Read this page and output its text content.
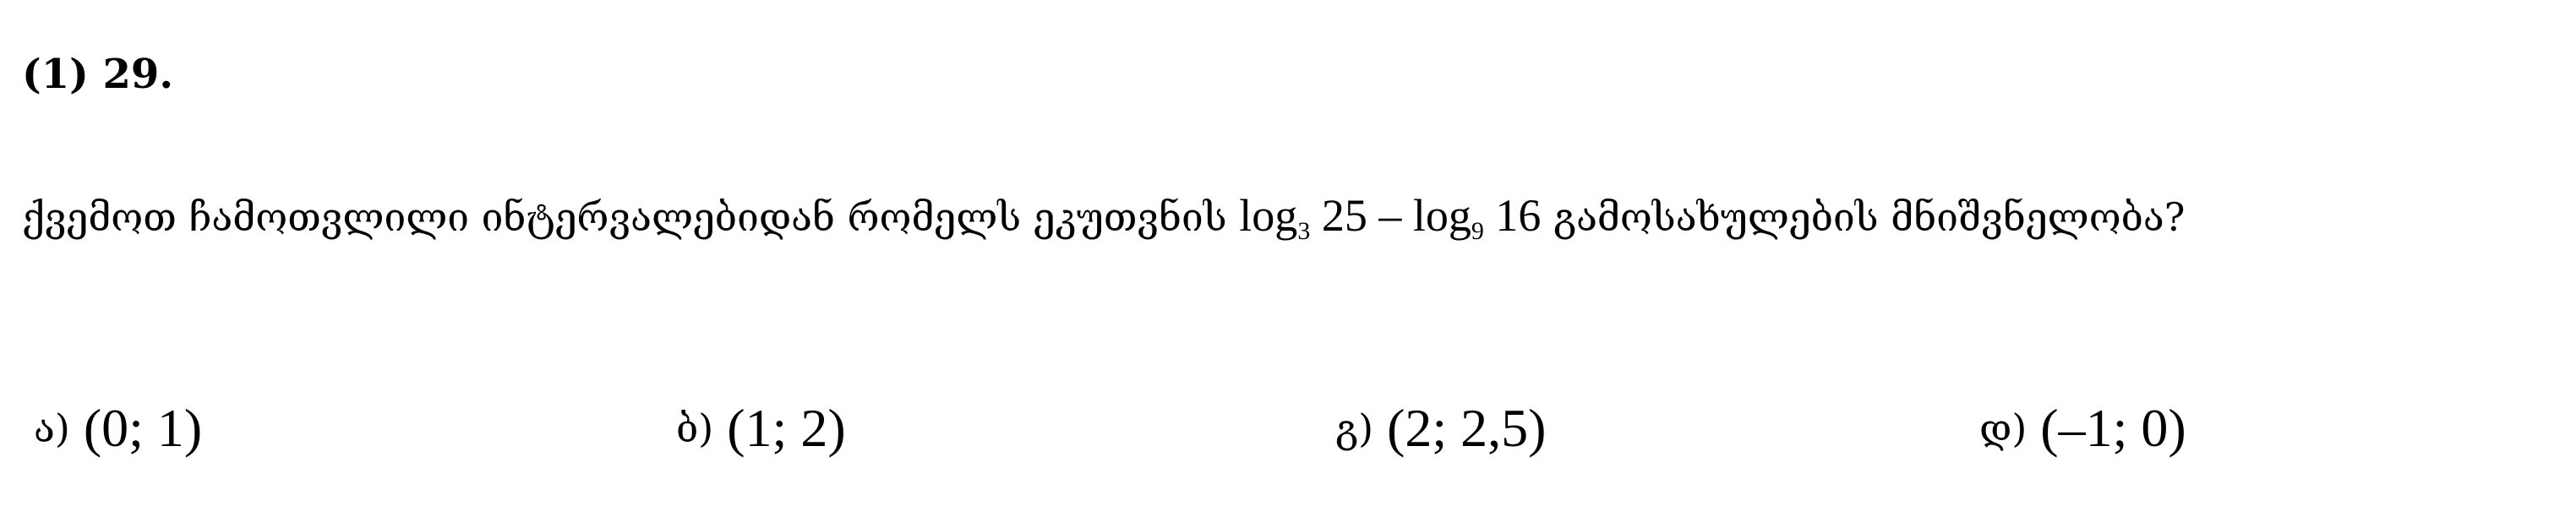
(1) 29.
ქვემოთ ჩამოთვლილი ინტერვალებიდან რომელს ეკუთვნის $\log_3 25 - \log_9 16$ გამოსახულების მნიშვნელობა?
ა) (0; 1)	ბ) (1; 2)	გ) (2; 2,5)	დ) (–1; 0)
